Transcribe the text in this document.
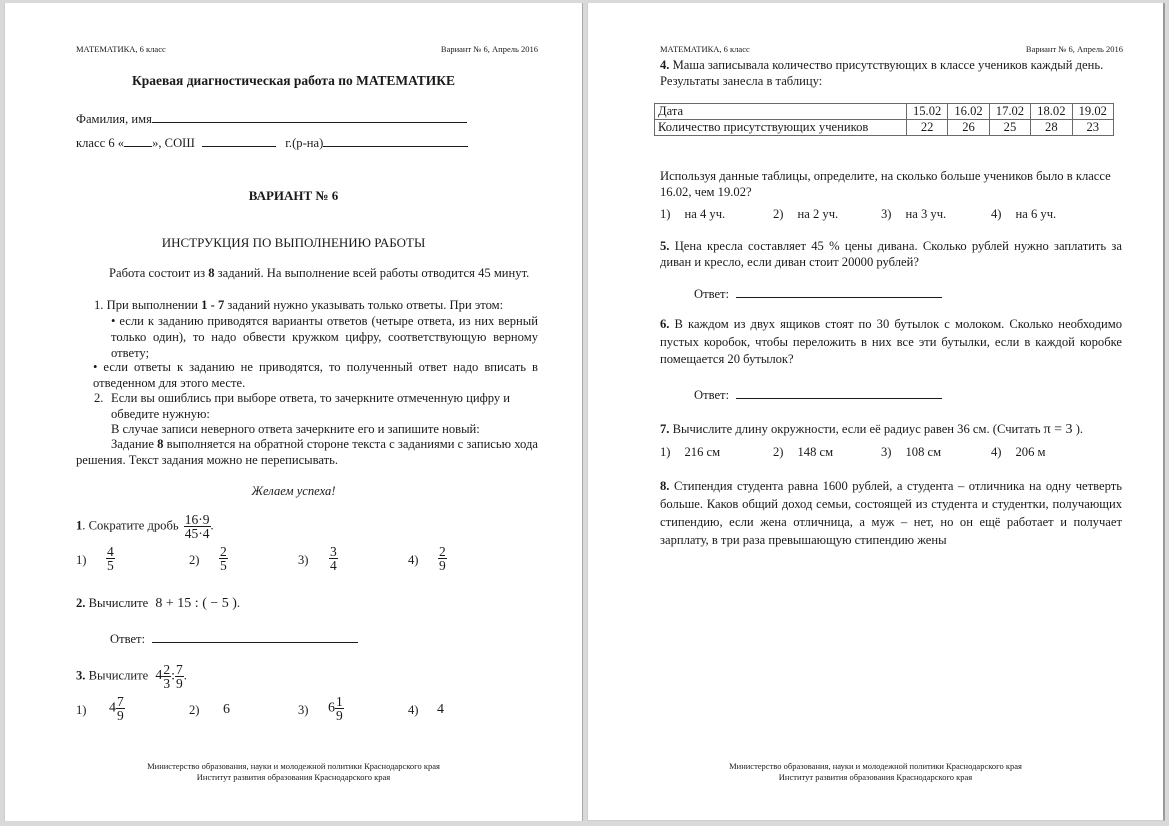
МАТЕМАТИКА, 6 класс	Вариант № 6, Апрель 2016
Краевая диагностическая работа по МАТЕМАТИКЕ
Фамилия, имя
класс 6 « », СОШ	г.(р-на)
ВАРИАНТ № 6
ИНСТРУКЦИЯ ПО ВЫПОЛНЕНИЮ РАБОТЫ
Работа состоит из 8 заданий. На выполнение всей работы отводится 45 минут.
1. При выполнении 1 - 7 заданий нужно указывать только ответы. При этом:
• если к заданию приводятся варианты ответов (четыре ответа, из них верный только один), то надо обвести кружком цифру, соответствующую верному ответу;
• если ответы к заданию не приводятся, то полученный ответ надо вписать в отведенном для этого месте.
2. Если вы ошиблись при выборе ответа, то зачеркните отмеченную цифру и обведите нужную:
В случае записи неверного ответа зачеркните его и запишите новый:
Задание 8 выполняется на обратной стороне текста с заданиями с записью хода решения. Текст задания можно не переписывать.
Желаем успеха!
1. Сократите дробь $\frac{16\cdot 9}{45\cdot 4}$ .
$1) \frac{4}{5}$	$2) \frac{2}{5}$	$3) \frac{3}{4}$	$4) \frac{2}{9}$
2. Вычислите 8 + 15 : ( − 5 ).
Ответ:
3. Вычислите $4 \frac{2}{3}$ : $\frac{7}{9}$ .
1) $4 \frac{7}{9}$	2) 6	3) $6 \frac{1}{9}$	4) 4
Министерство образования, науки и молодежной политики Краснодарского края
Институт развития образования Краснодарского края
МАТЕМАТИКА, 6 класс	Вариант № 6, Апрель 2016
4. Маша записывала количество присутствующих в классе учеников каждый день. Результаты занесла в таблицу:
Дата	15.02	16.02	17.02	18.02	19.02
Количество присутствующих учеников	22	26	25	28	23
Используя данные таблицы, определите, на сколько больше учеников было в классе 16.02, чем 19.02?
1) на 4 уч.	2) на 2 уч.	3) на 3 уч.	4) на 6 уч.
5. Цена кресла составляет 45 % цены дивана. Сколько рублей нужно заплатить за диван и кресло, если диван стоит 20000 рублей?
Ответ:
6. В каждом из двух ящиков стоят по 30 бутылок с молоком. Сколько необходимо пустых коробок, чтобы переложить в них все эти бутылки, если в каждой коробке помещается 20 бутылок?
Ответ:
7. Вычислите длину окружности, если её радиус равен 36 см. (Считать π = 3 ).
1) 216 см	2) 148 см	3) 108 см	4) 206 м
8. Стипендия студента равна 1600 рублей, а студента – отличника на одну четверть больше. Каков общий доход семьи, состоящей из студента и студентки, получающих стипендию, если жена отличница, а муж – нет, но он ещё работает и получает зарплату, в три раза превышающую стипендию жены
Министерство образования, науки и молодежной политики Краснодарского края
Институт развития образования Краснодарского края
